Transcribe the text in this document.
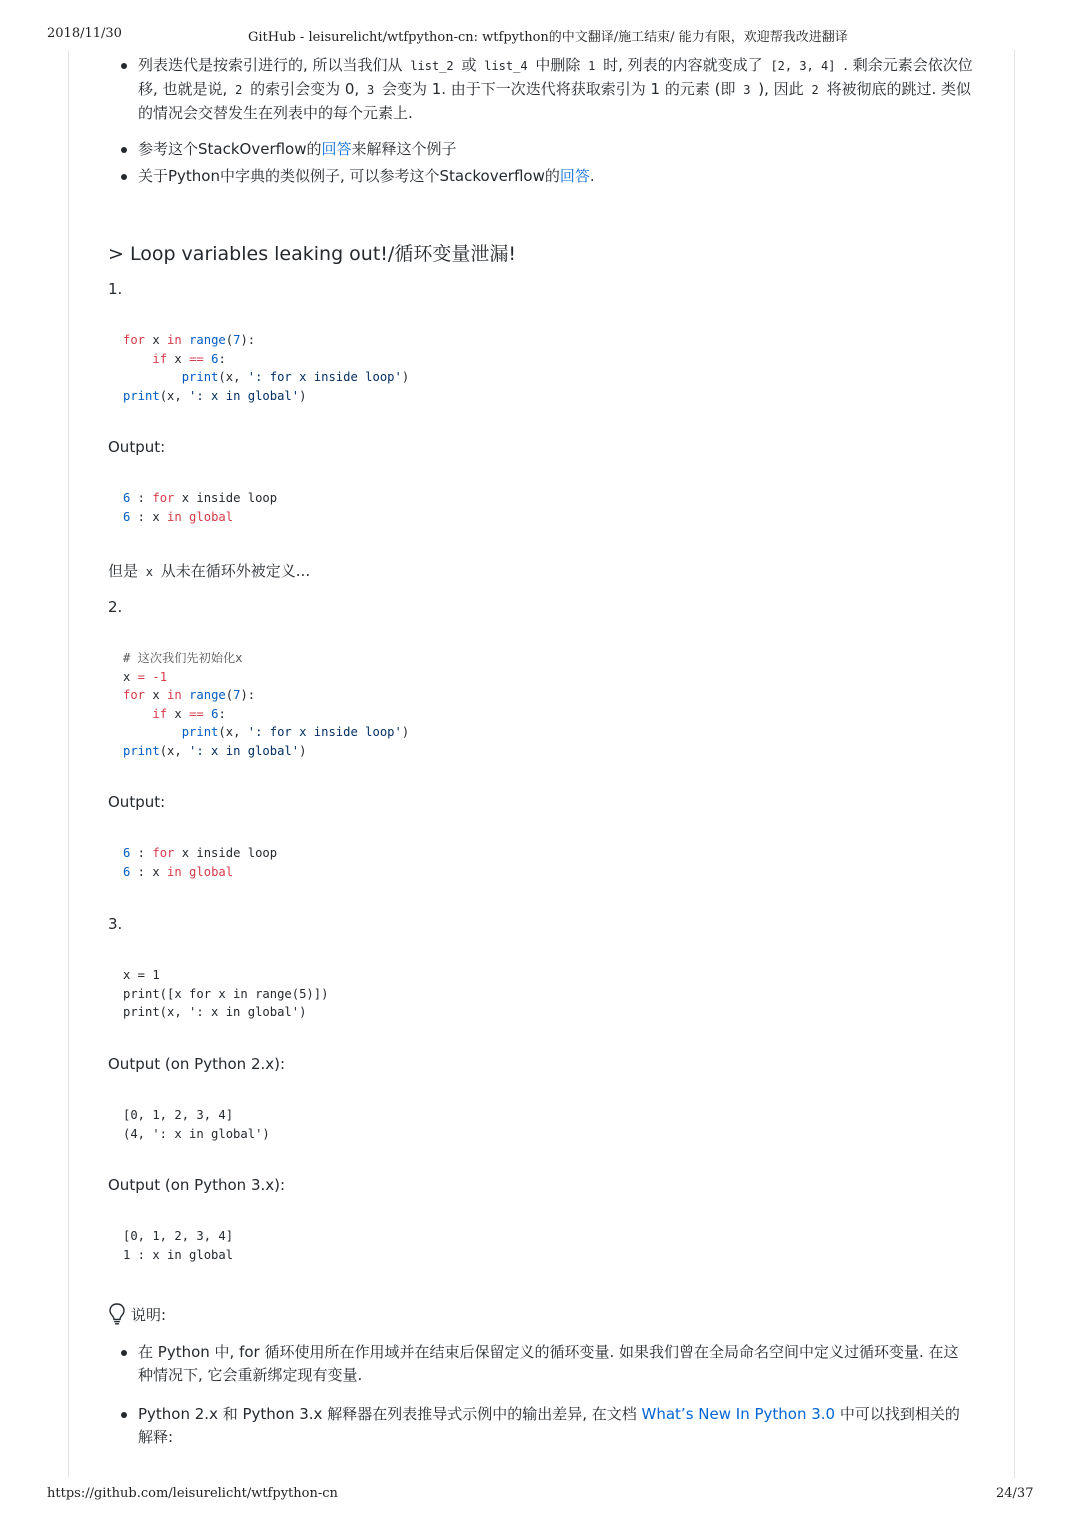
2018/11/30	GitHub - leisurelicht/wtfpython-cn: wtfpython的中文翻译/施工结束/ 能力有限，欢迎帮我改进翻译

列表迭代是按索引进行的, 所以当我们从 list_2 或 list_4 中删除 1 时, 列表的内容就变成了 [2, 3, 4] . 剩余元素会依次位移, 也就是说, 2 的索引会变为 0, 3 会变为 1. 由于下一次迭代将获取索引为 1 的元素 (即 3 ), 因此 2 将被彻底的跳过. 类似的情况会交替发生在列表中的每个元素上.

参考这个StackOverflow的回答来解释这个例子

关于Python中字典的类似例子, 可以参考这个Stackoverflow的回答.

> Loop variables leaking out!/循环变量泄漏!
1.
for x in range(7):
if x == 6:
print(x, ': for x inside loop')
print(x, ': x in global')
Output:
6 : for x inside loop
6 : x in global
但是 x 从未在循环外被定义...
2.
# 这次我们先初始化x
x = -1
for x in range(7):
if x == 6:
print(x, ': for x inside loop')
print(x, ': x in global')
Output:
6 : for x inside loop
6 : x in global
3.
x = 1
print([x for x in range(5)])
print(x, ': x in global')
Output (on Python 2.x):
[0, 1, 2, 3, 4]
(4, ': x in global')
Output (on Python 3.x):
[0, 1, 2, 3, 4]
1 : x in global
说明:

在 Python 中, for 循环使用所在作用域并在结束后保留定义的循环变量. 如果我们曾在全局命名空间中定义过循环变量. 在这种情况下, 它会重新绑定现有变量.

Python 2.x 和 Python 3.x 解释器在列表推导式示例中的输出差异, 在文档 What’s New In Python 3.0 中可以找到相关的解释:

https://github.com/leisurelicht/wtfpython-cn	24/37
